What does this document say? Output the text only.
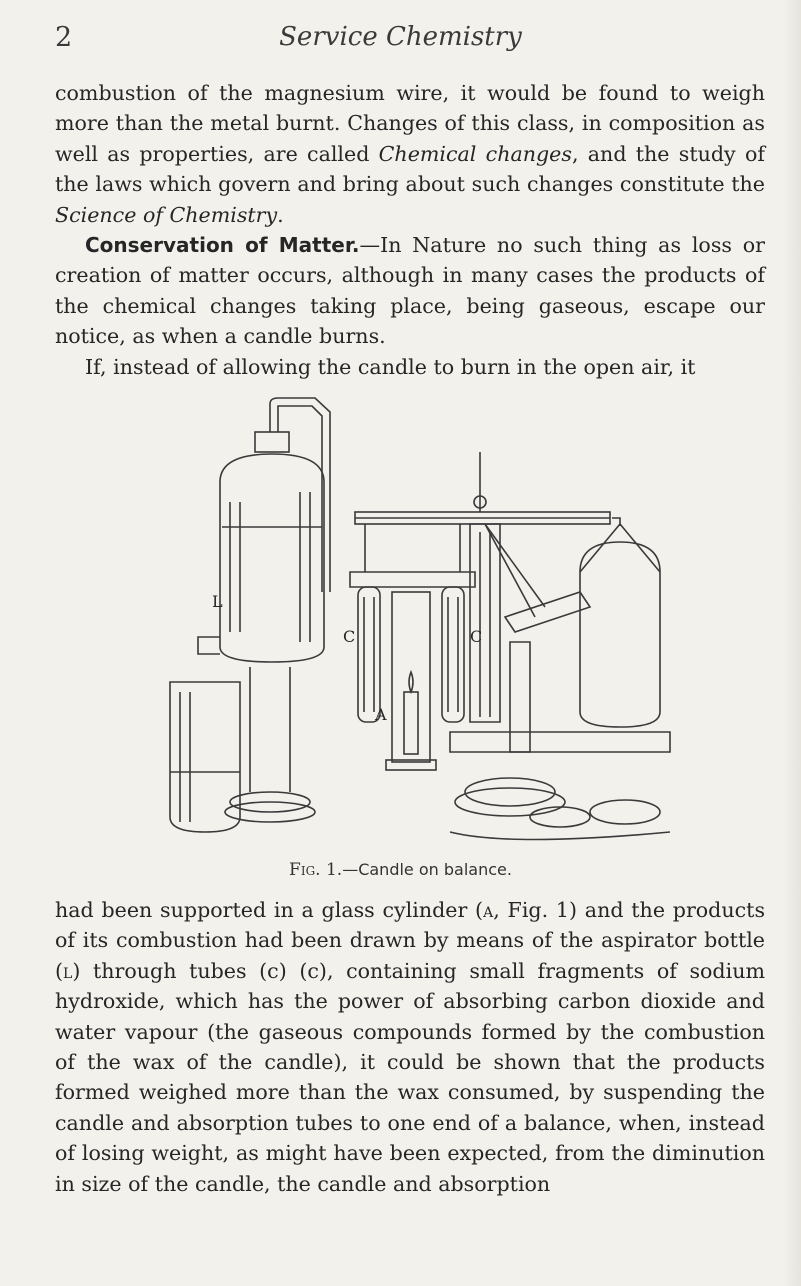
2	Service Chemistry

combustion of the magnesium wire, it would be found to weigh more than the metal burnt. Changes of this class, in composition as well as properties, are called Chemical changes, and the study of the laws which govern and bring about such changes constitute the Science of Chemistry.

Conservation of Matter.—In Nature no such thing as loss or creation of matter occurs, although in many cases the products of the chemical changes taking place, being gaseous, escape our notice, as when a candle burns.

If, instead of allowing the candle to burn in the open air, it

L
C	C
A
Fig. 1.—Candle on balance.

had been supported in a glass cylinder (a, Fig. 1) and the products of its combustion had been drawn by means of the aspirator bottle (l) through tubes (c) (c), containing small fragments of sodium hydroxide, which has the power of absorbing carbon dioxide and water vapour (the gaseous compounds formed by the combustion of the wax of the candle), it could be shown that the products formed weighed more than the wax consumed, by suspending the candle and absorption tubes to one end of a balance, when, instead of losing weight, as might have been expected, from the diminution in size of the candle, the candle and absorption
